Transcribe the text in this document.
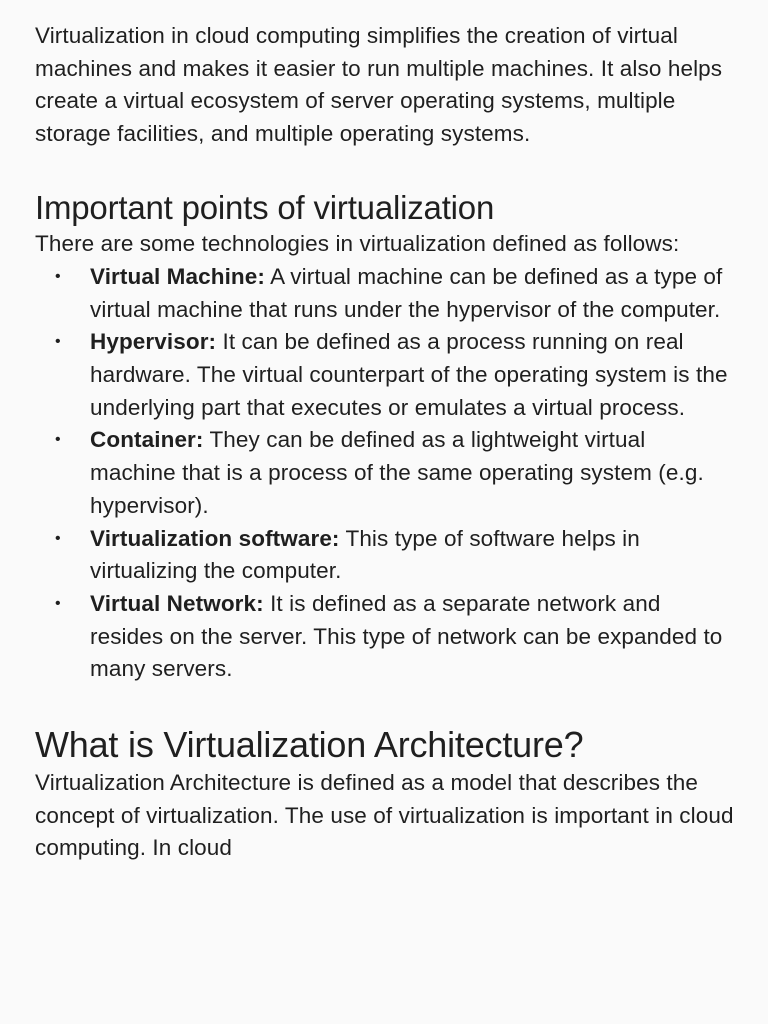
Virtualization in cloud computing simplifies the creation of virtual machines and makes it easier to run multiple machines. It also helps create a virtual ecosystem of server operating systems, multiple storage facilities, and multiple operating systems.

Important points of virtualization

There are some technologies in virtualization defined as follows:

• Virtual Machine: A virtual machine can be defined as a type of virtual machine that runs under the hypervisor of the computer.
• Hypervisor: It can be defined as a process running on real hardware. The virtual counterpart of the operating system is the underlying part that executes or emulates a virtual process.
• Container: They can be defined as a lightweight virtual machine that is a process of the same operating system (e.g. hypervisor).
• Virtualization software: This type of software helps in virtualizing the computer.
• Virtual Network: It is defined as a separate network and resides on the server. This type of network can be expanded to many servers.
What is Virtualization Architecture?

Virtualization Architecture is defined as a model that describes the concept of virtualization. The use of virtualization is important in cloud computing. In cloud
